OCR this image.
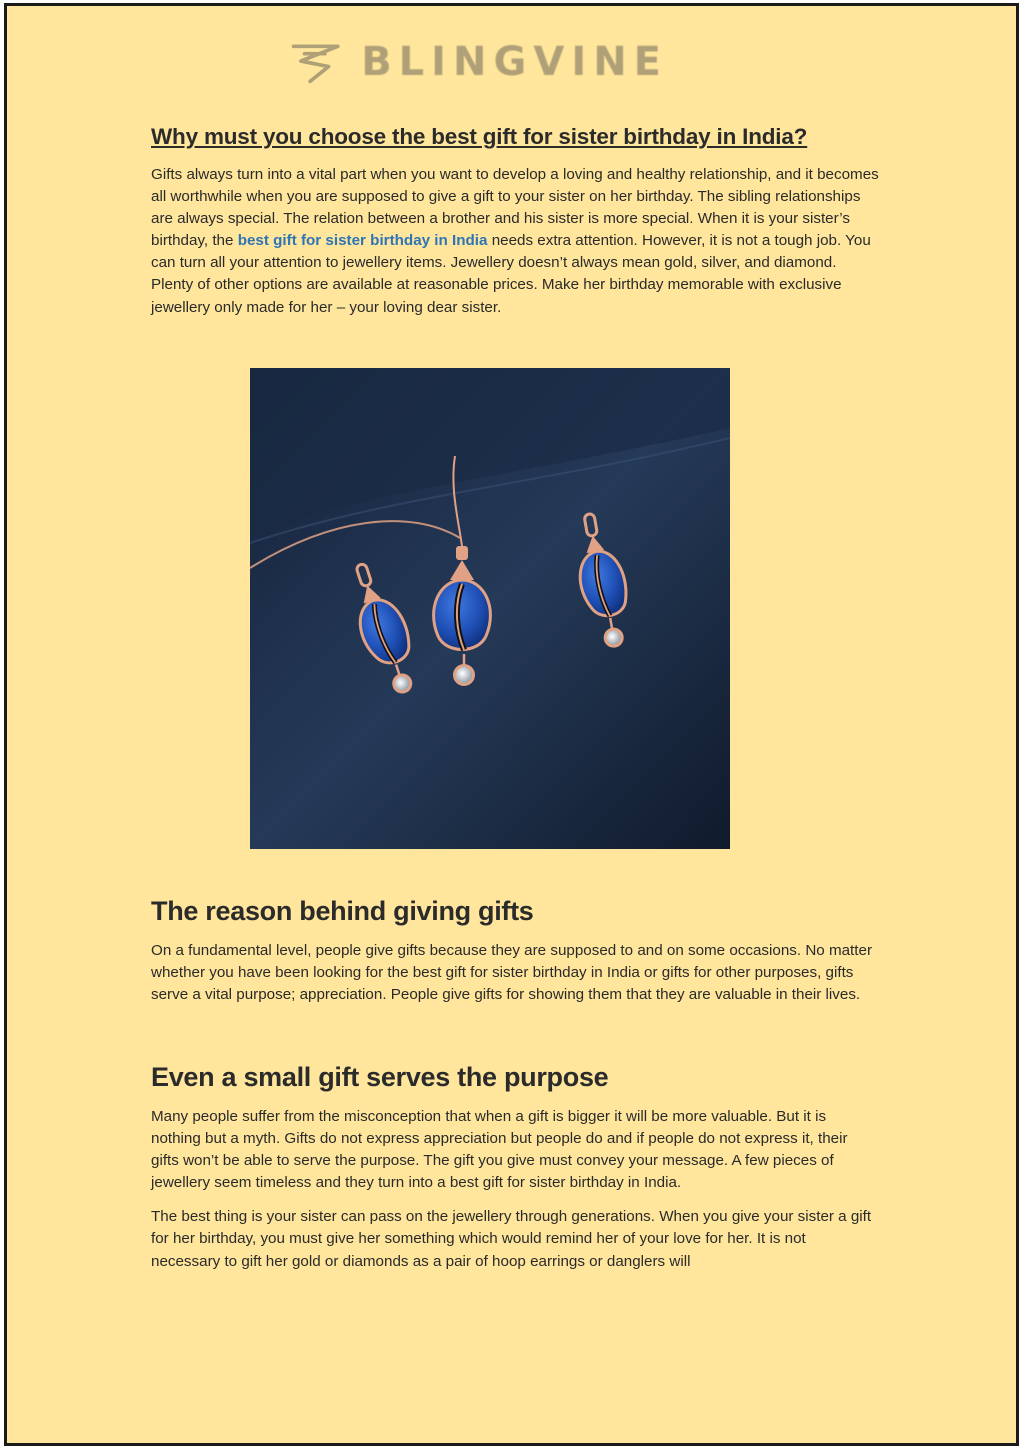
BLINGVINE
Why must you choose the best gift for sister birthday in India?

Gifts always turn into a vital part when you want to develop a loving and healthy relationship, and it becomes all worthwhile when you are supposed to give a gift to your sister on her birthday. The sibling relationships are always special. The relation between a brother and his sister is more special. When it is your sister’s birthday, the best gift for sister birthday in India needs extra attention. However, it is not a tough job. You can turn all your attention to jewellery items. Jewellery doesn’t always mean gold, silver, and diamond. Plenty of other options are available at reasonable prices. Make her birthday memorable with exclusive jewellery only made for her – your loving dear sister.

The reason behind giving gifts

On a fundamental level, people give gifts because they are supposed to and on some occasions. No matter whether you have been looking for the best gift for sister birthday in India or gifts for other purposes, gifts serve a vital purpose; appreciation. People give gifts for showing them that they are valuable in their lives.

Even a small gift serves the purpose

Many people suffer from the misconception that when a gift is bigger it will be more valuable. But it is nothing but a myth. Gifts do not express appreciation but people do and if people do not express it, their gifts won’t be able to serve the purpose. The gift you give must convey your message. A few pieces of jewellery seem timeless and they turn into a best gift for sister birthday in India.

The best thing is your sister can pass on the jewellery through generations. When you give your sister a gift for her birthday, you must give her something which would remind her of your love for her. It is not necessary to gift her gold or diamonds as a pair of hoop earrings or danglers will
